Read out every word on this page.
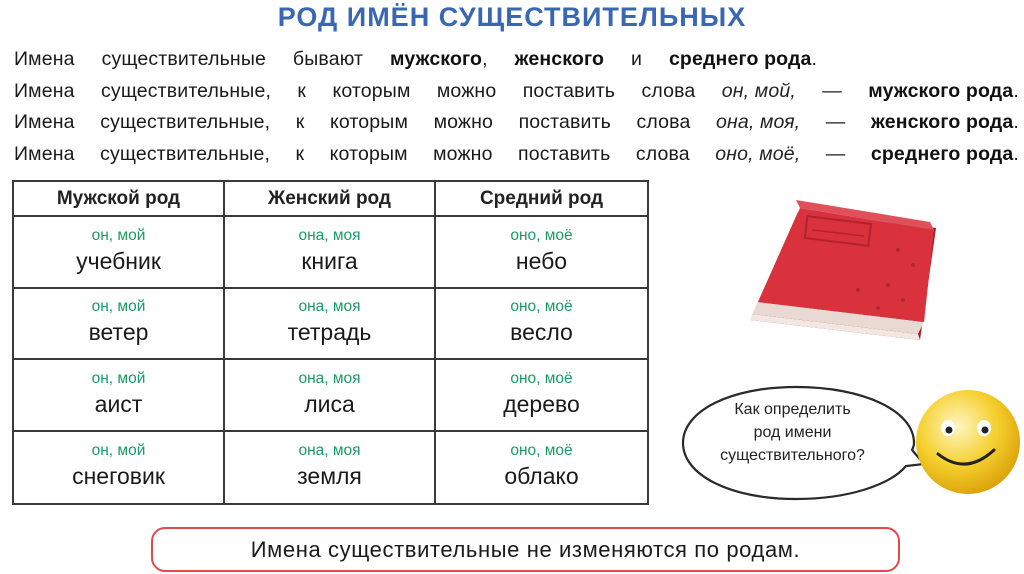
РОД ИМЁН СУЩЕСТВИТЕЛЬНЫХ
Имена существительные бывают мужского, женского и среднего рода.
Имена существительные, к которым можно поставить слова он, мой, — мужского рода.
Имена существительные, к которым можно поставить слова она, моя, — женского рода.
Имена существительные, к которым можно поставить слова оно, моё, — среднего рода.
Мужской род	Женский род	Средний род
он, мой
учебник
она, моя
книга
оно, моё
небо
он, мой
ветер
она, моя
тетрадь
оно, моё
весло
он, мой
аист
она, моя
лиса
оно, моё
дерево
он, мой
снеговик
она, моя
земля
оно, моё
облако
Как определить
род имени
существительного?
Имена существительные не изменяются по родам.
